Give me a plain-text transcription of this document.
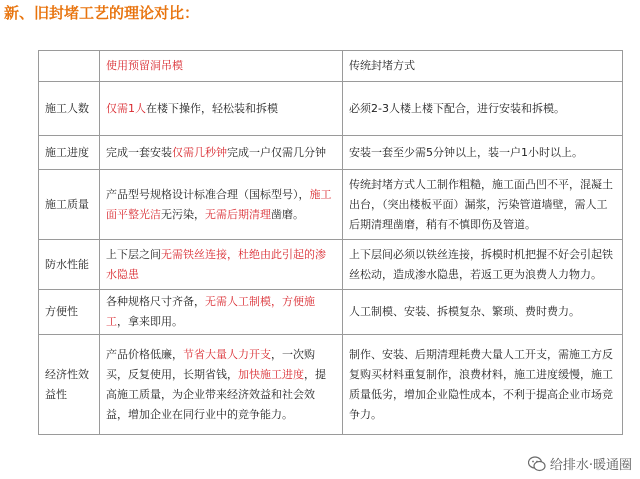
新、旧封堵工艺的理论对比：
	使用预留洞吊模	传统封堵方式
施工人数	仅需1人在楼下操作，轻松装和拆模	必须2-3人楼上楼下配合，进行安装和拆模。
施工进度	完成一套安装仅需几秒钟完成一户仅需几分钟	安装一套至少需5分钟以上，装一户1小时以上。
施工质量	产品型号规格设计标准合理（国标型号），施工面平整光洁无污染，无需后期清理凿磨。	传统封堵方式人工制作粗糙，施工面凸凹不平，混凝土出台，（突出楼板平面）漏浆，污染管道墙壁，需人工后期清理凿磨，稍有不慎即伤及管道。
防水性能	上下层之间无需铁丝连接，杜绝由此引起的渗水隐患	上下层间必须以铁丝连接，拆模时机把握不好会引起铁丝松动，造成渗水隐患，若返工更为浪费人力物力。
方便性	各种规格尺寸齐备，无需人工制模，方便施工，拿来即用。	人工制模、安装、拆模复杂、繁琐、费时费力。
经济性效益性	产品价格低廉，节省大量人力开支，一次购买，反复使用，长期省钱，加快施工进度，提高施工质量，为企业带来经济效益和社会效益，增加企业在同行业中的竞争能力。	制作、安装、后期清理耗费大量人工开支，需施工方反复购买材料重复制作，浪费材料，施工进度缓慢，施工质量低劣，增加企业隐性成本，不利于提高企业市场竞争力。
给排水·暖通圈
